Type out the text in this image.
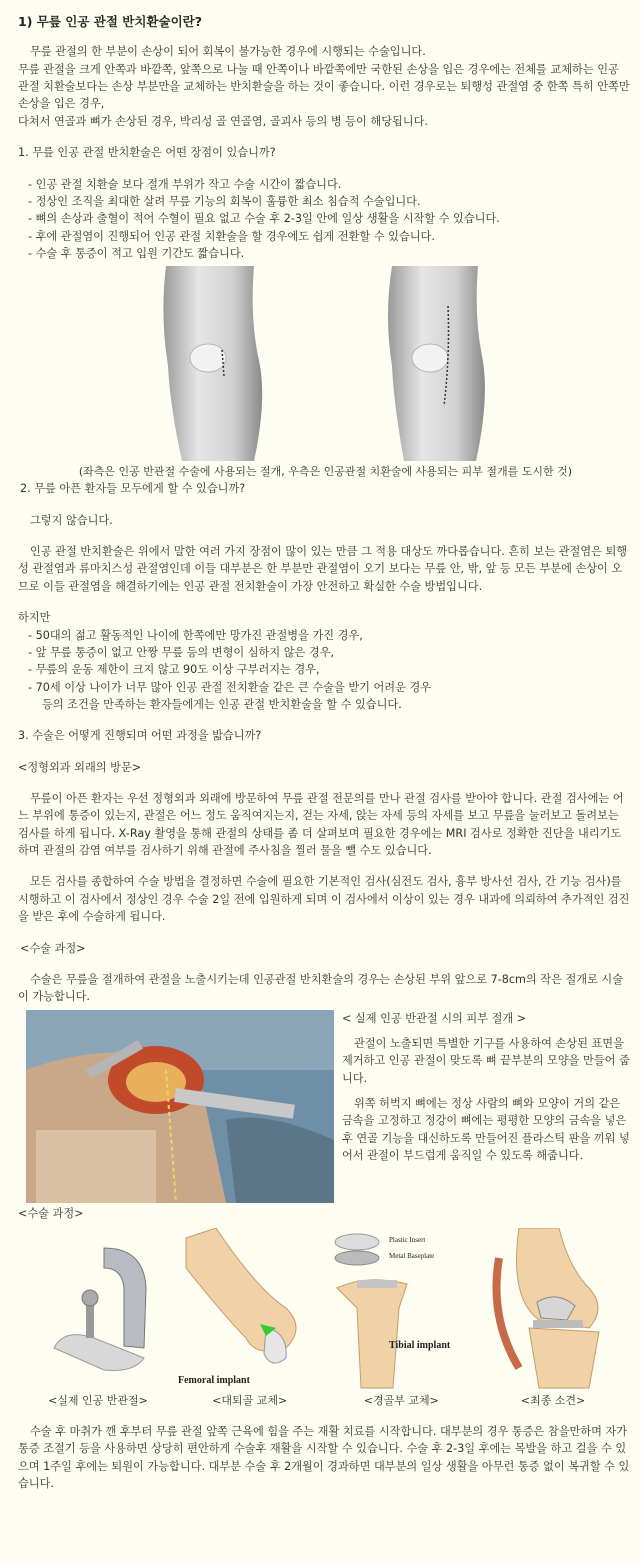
1) 무릎 인공 관절 반치환술이란?

무릎 관절의 한 부분이 손상이 되어 회복이 불가능한 경우에 시행되는 수술입니다.

무릎 관절을 크게 안쪽과 바깥쪽, 앞쪽으로 나눌 때 안쪽이나 바깥쪽에만 국한된 손상을 입은 경우에는 전체를 교체하는 인공 관절 치환술보다는 손상 부분만을 교체하는 반치환술을 하는 것이 좋습니다. 이런 경우로는 퇴행성 관절염 중 한쪽 특히 안쪽만 손상을 입은 경우,

다쳐서 연골과 뼈가 손상된 경우, 박리성 골 연골염, 골괴사 등의 병 등이 해당됩니다.

1. 무릎 인공 관절 반치환술은 어떤 장점이 있습니까?

- 인공 관절 치환술 보다 절개 부위가 작고 수술 시간이 짧습니다.
- 정상인 조직을 최대한 살려 무릎 기능의 회복이 훌륭한 최소 침습적 수술입니다.
- 뼈의 손상과 출혈이 적어 수혈이 필요 없고 수술 후 2-3일 안에 일상 생활을 시작할 수 있습니다.
- 후에 관절염이 진행되어 인공 관절 치환술을 할 경우에도 쉽게 전환할 수 있습니다.
- 수술 후 통증이 적고 입원 기간도 짧습니다.

(좌측은 인공 반관절 수술에 사용되는 절개, 우측은 인공관절 치환술에 사용되는 피부 절개를 도시한 것)

2. 무릎 아픈 환자들 모두에게 할 수 있습니까?

그렇지 않습니다.

인공 관절 반치환술은 위에서 말한 여러 가지 장점이 많이 있는 만큼 그 적용 대상도 까다롭습니다. 흔히 보는 관절염은 퇴행성 관절염과 류마치스성 관절염인데 이들 대부분은 한 부분만 관절염이 오기 보다는 무릎 안, 밖, 앞 등 모든 부분에 손상이 오므로 이들 관절염을 해결하기에는 인공 관절 전치환술이 가장 안전하고 확실한 수술 방법입니다.

하지만

- 50대의 젊고 활동적인 나이에 한쪽에만 망가진 관절병을 가진 경우,
- 앞 무릎 통증이 없고 안짱 무릎 등의 변형이 심하지 않은 경우,
- 무릎의 운동 제한이 크지 않고 90도 이상 구부러지는 경우,
- 70세 이상 나이가 너무 많아 인공 관절 전치환술 같은 큰 수술을 받기 어려운 경우
등의 조건을 만족하는 환자들에게는 인공 관절 반치환술을 할 수 있습니다.

3. 수술은 어떻게 진행되며 어떤 과정을 밟습니까?

<정형외과 외래의 방문>

무릎이 아픈 환자는 우선 정형외과 외래에 방문하여 무릎 관절 전문의를 만나 관절 검사를 받아야 합니다. 관절 검사에는 어느 부위에 통증이 있는지, 관절은 어느 정도 움직여지는지, 걷는 자세, 앉는 자세 등의 자세를 보고 무릎을 눌러보고 돌려보는 검사를 하게 됩니다. X-Ray 촬영을 통해 관절의 상태를 좀 더 살펴보며 필요한 경우에는 MRI 검사로 정확한 진단을 내리기도 하며 관절의 감염 여부를 검사하기 위해 관절에 주사침을 찔러 물을 뺄 수도 있습니다.

모든 검사를 종합하여 수술 방법을 결정하면 수술에 필요한 기본적인 검사(심전도 검사, 흉부 방사선 검사, 간 기능 검사)를 시행하고 이 검사에서 정상인 경우 수술 2일 전에 입원하게 되며 이 검사에서 이상이 있는 경우 내과에 의뢰하여 추가적인 검진을 받은 후에 수술하게 됩니다.

<수술 과정>

수술은 무릎을 절개하여 관절을 노출시키는데 인공관절 반치환술의 경우는 손상된 부위 앞으로 7-8cm의 작은 절개로 시술이 가능합니다.

< 실제 인공 반관절 시의 피부 절개 >

관절이 노출되면 특별한 기구를 사용하여 손상된 표면을 제거하고 인공 관절이 맞도록 뼈 끝부분의 모양을 만들어 줍니다.

위쪽 허벅지 뼈에는 정상 사람의 뼈와 모양이 거의 같은 금속을 고정하고 정강이 뼈에는 평평한 모양의 금속을 넣은 후 연골 기능을 대신하도록 만들어진 플라스틱 판을 끼워 넣어서 관절이 부드럽게 움직일 수 있도록 해줍니다.

<수술 과정>

<실제 인공 반관절>
Femoral implant
<대퇴골 교체>
Plastic Insert
Metal Baseplate
Tibial implant
<경골부 교체>	<최종 소견>

수술 후 마취가 깬 후부터 무릎 관절 앞쪽 근육에 힘을 주는 재활 치료를 시작합니다. 대부분의 경우 통증은 참을만하며 자가 통증 조절기 등을 사용하면 상당히 편안하게 수술후 재활을 시작할 수 있습니다. 수술 후 2-3일 후에는 목발을 하고 걸을 수 있으며 1주일 후에는 퇴원이 가능합니다. 대부분 수술 후 2개월이 경과하면 대부분의 일상 생활을 아무런 통증 없이 복귀할 수 있습니다.
